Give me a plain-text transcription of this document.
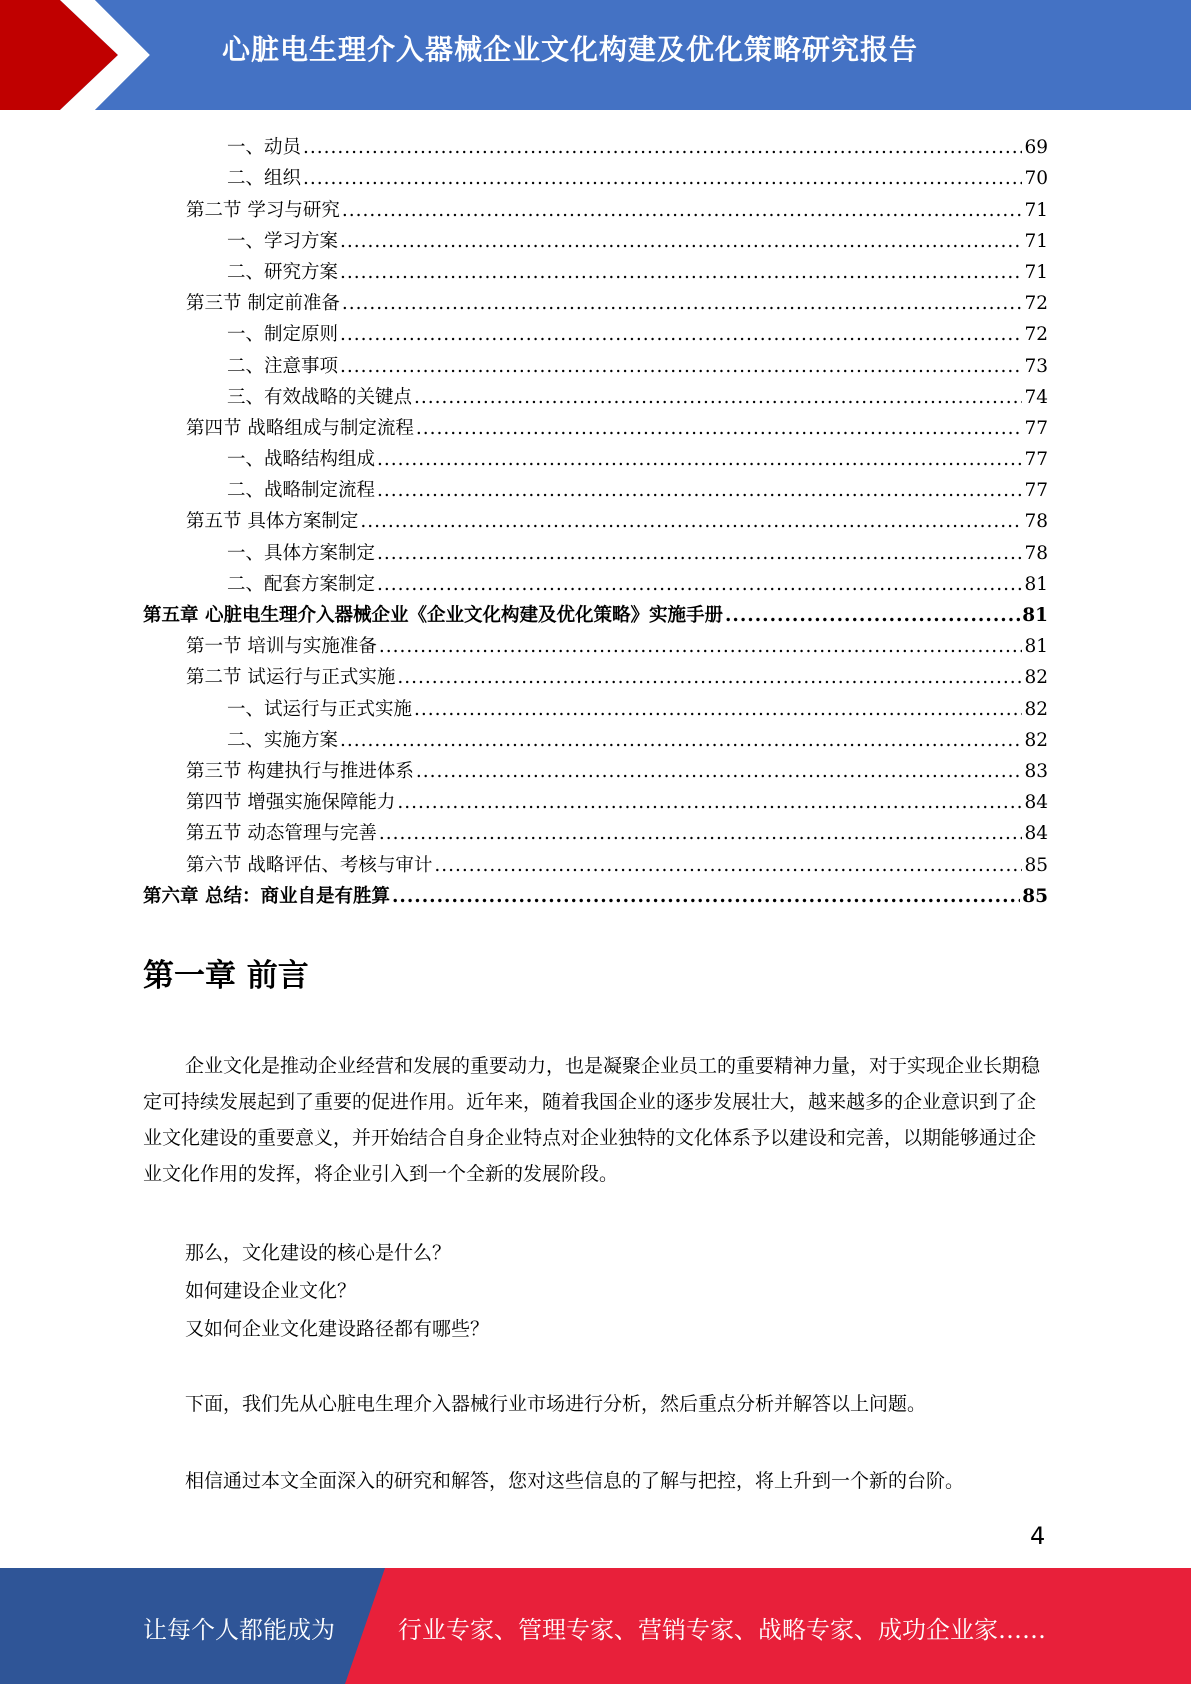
心脏电生理介入器械企业文化构建及优化策略研究报告
一、动员 .....	69
二、组织 .....	70
第二节 学习与研究 .....	71
一、学习方案 .....	71
二、研究方案 .....	71
第三节 制定前准备 .....	72
一、制定原则 .....	72
二、注意事项 .....	73
三、有效战略的关键点 .....	74
第四节 战略组成与制定流程 .....	77
一、战略结构组成 .....	77
二、战略制定流程 .....	77
第五节 具体方案制定 .....	78
一、具体方案制定 .....	78
二、配套方案制定 .....	81
第五章 心脏电生理介入器械企业《企业文化构建及优化策略》实施手册 .....	81
第一节 培训与实施准备 .....	81
第二节 试运行与正式实施 .....	82
一、试运行与正式实施 .....	82
二、实施方案 .....	82
第三节 构建执行与推进体系 .....	83
第四节 增强实施保障能力 .....	84
第五节 动态管理与完善 .....	84
第六节 战略评估、考核与审计 .....	85
第六章 总结：商业自是有胜算 .....	85
第一章 前言
企业文化是推动企业经营和发展的重要动力，也是凝聚企业员工的重要精神力量，对于实现企业长期稳定可持续发展起到了重要的促进作用。近年来，随着我国企业的逐步发展壮大，越来越多的企业意识到了企业文化建设的重要意义，并开始结合自身企业特点对企业独特的文化体系予以建设和完善，以期能够通过企业文化作用的发挥，将企业引入到一个全新的发展阶段。
那么，文化建设的核心是什么？
如何建设企业文化？
又如何企业文化建设路径都有哪些？
下面，我们先从心脏电生理介入器械行业市场进行分析，然后重点分析并解答以上问题。
相信通过本文全面深入的研究和解答，您对这些信息的了解与把控，将上升到一个新的台阶。
4
让每个人都能成为	行业专家、管理专家、营销专家、战略专家、成功企业家……
